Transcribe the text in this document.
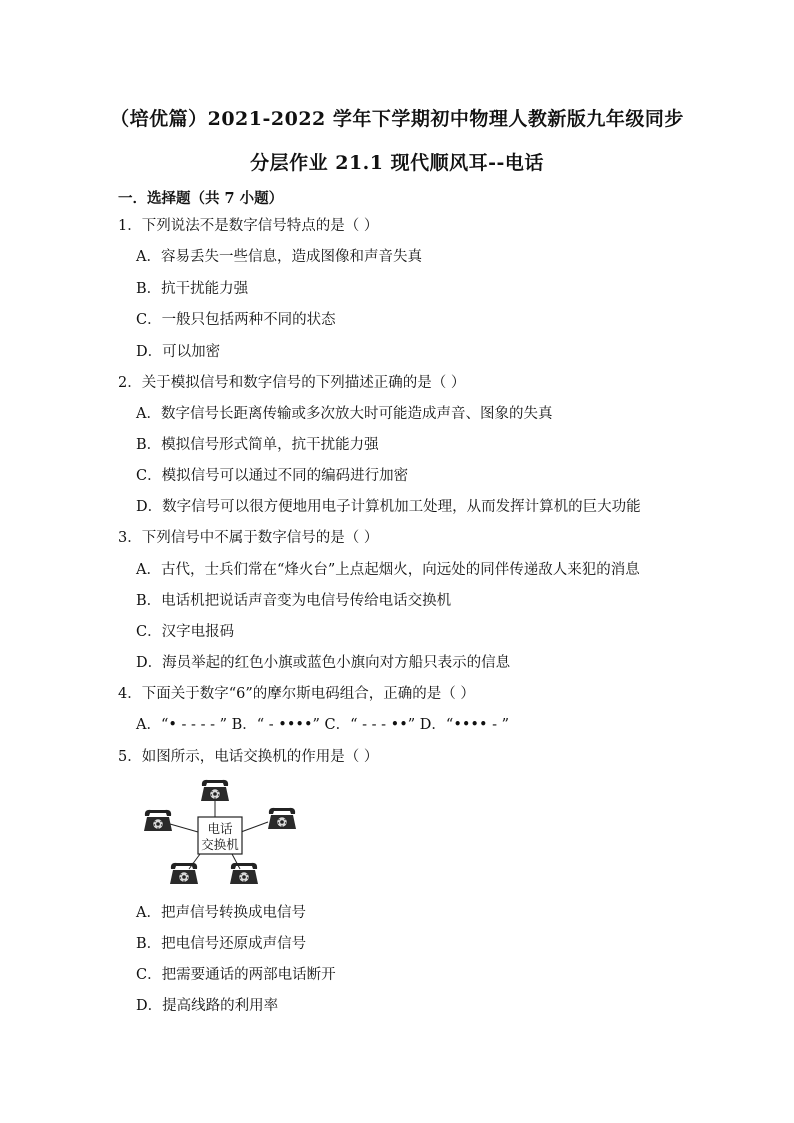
（培优篇）2021-2022 学年下学期初中物理人教新版九年级同步
分层作业 21.1 现代顺风耳--电话
一．选择题（共 7 小题）
1．下列说法不是数字信号特点的是（ ）
A．容易丢失一些信息，造成图像和声音失真
B．抗干扰能力强
C．一般只包括两种不同的状态
D．可以加密
2．关于模拟信号和数字信号的下列描述正确的是（ ）
A．数字信号长距离传输或多次放大时可能造成声音、图象的失真
B．模拟信号形式简单，抗干扰能力强
C．模拟信号可以通过不同的编码进行加密
D．数字信号可以很方便地用电子计算机加工处理，从而发挥计算机的巨大功能
3．下列信号中不属于数字信号的是（ ）
A．古代，士兵们常在“烽火台”上点起烟火，向远处的同伴传递敌人来犯的消息
B．电话机把说话声音变为电信号传给电话交换机
C．汉字电报码
D．海员举起的红色小旗或蓝色小旗向对方船只表示的信息
4．下面关于数字“6”的摩尔斯电码组合，正确的是（ ）
A．“• - - - - ” B．“ - ••••” C．“ - - - ••” D．“•••• - ”
5．如图所示，电话交换机的作用是（ ）
电话
交换机
A．把声信号转换成电信号
B．把电信号还原成声信号
C．把需要通话的两部电话断开
D．提高线路的利用率
